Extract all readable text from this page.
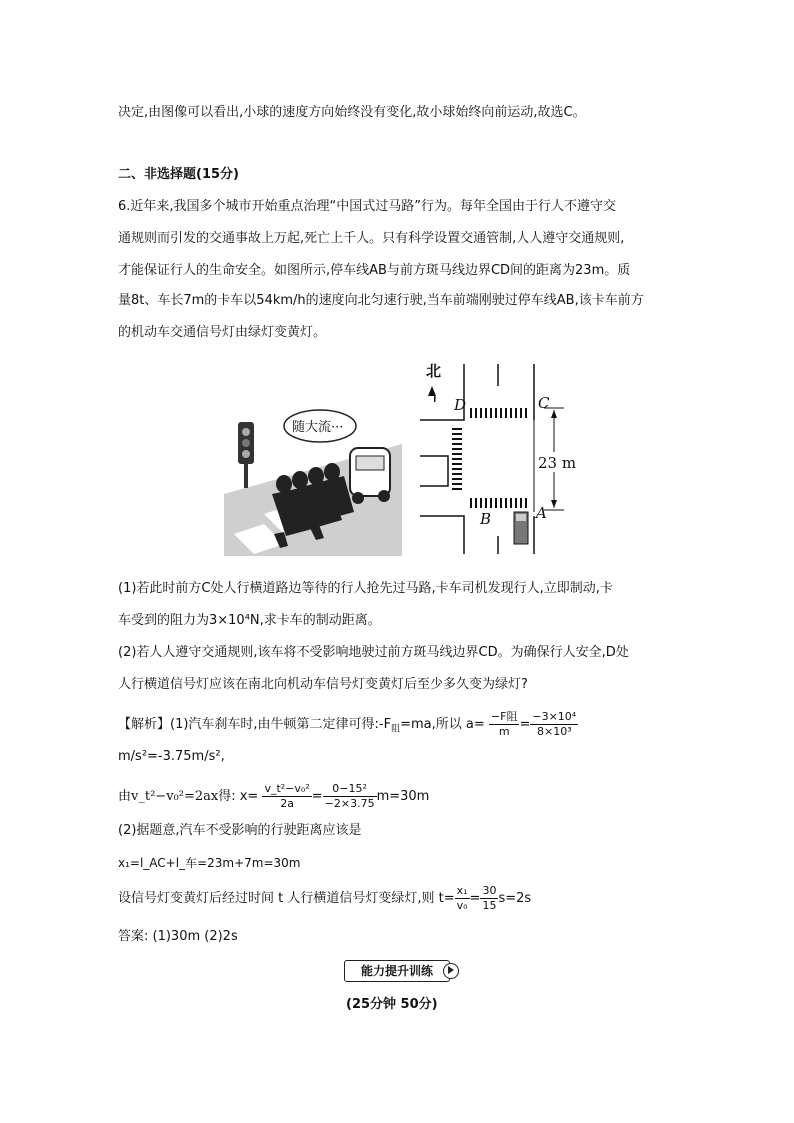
决定,由图像可以看出,小球的速度方向始终没有变化,故小球始终向前运动,故选C。
二、非选择题(15分)
6.近年来,我国多个城市开始重点治理“中国式过马路”行为。每年全国由于行人不遵守交
通规则而引发的交通事故上万起,死亡上千人。只有科学设置交通管制,人人遵守交通规则,
才能保证行人的生命安全。如图所示,停车线AB与前方斑马线边界CD间的距离为23m。质
量8t、车长7m的卡车以54km/h的速度向北匀速行驶,当车前端刚驶过停车线AB,该卡车前方
的机动车交通信号灯由绿灯变黄灯。
随大流···
北
23 m
D	C
B	A
(1)若此时前方C处人行横道路边等待的行人抢先过马路,卡车司机发现行人,立即制动,卡
车受到的阻力为3×10⁴N,求卡车的制动距离。
(2)若人人遵守交通规则,该车将不受影响地驶过前方斑马线边界CD。为确保行人安全,D处
人行横道信号灯应该在南北向机动车信号灯变黄灯后至少多久变为绿灯?
【解析】(1)汽车刹车时,由牛顿第二定律可得$:-F_阻=ma$,所以 $a= \frac{\text{−F阻}}{m} = \frac{\text{−3×10⁴}}{\text{8×10³}}$
m/s²=-3.75m/s²,
由v_t²−v₀²=2ax得: $x= \frac{\text{v\_t²−v₀²}}{2a} = \frac{\text{0−15²}}{-2\times 3.75} m=30m$
(2)据题意,汽车不受影响的行驶距离应该是
x₁=l_AC+l_车=23m+7m=30m
设信号灯变黄灯后经过时间 t 人行横道信号灯变绿灯,则 $t= \frac{\text{x₁}}{\text{v₀}} = \frac{30}{15} s=2s$
答案: (1)30m (2)2s
能力提升训练
(25分钟 50分)
